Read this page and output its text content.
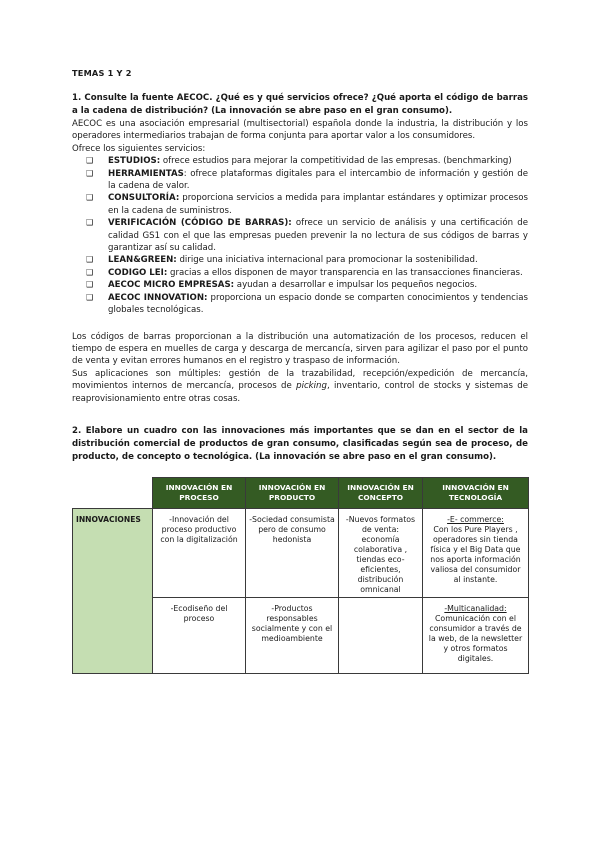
TEMAS 1 Y 2

1. Consulte la fuente AECOC. ¿Qué es y qué servicios ofrece? ¿Qué aporta el código de barras a la cadena de distribución? (La innovación se abre paso en el gran consumo).

AECOC es una asociación empresarial (multisectorial) española donde la industria, la distribución y los operadores intermediarios trabajan de forma conjunta para aportar valor a los consumidores.

Ofrece los siguientes servicios:

❑ ESTUDIOS: ofrece estudios para mejorar la competitividad de las empresas. (benchmarking)
❑ HERRAMIENTAS: ofrece plataformas digitales para el intercambio de información y gestión de la cadena de valor.
❑ CONSULTORÍA: proporciona servicios a medida para implantar estándares y optimizar procesos en la cadena de suministros.
❑ VERIFICACIÓN (CÓDIGO DE BARRAS): ofrece un servicio de análisis y una certificación de calidad GS1 con el que las empresas pueden prevenir la no lectura de sus códigos de barras y garantizar así su calidad.
❑ LEAN&GREEN: dirige una iniciativa internacional para promocionar la sostenibilidad.
❑ CODIGO LEI: gracias a ellos disponen de mayor transparencia en las transacciones financieras.
❑ AECOC MICRO EMPRESAS: ayudan a desarrollar e impulsar los pequeños negocios.
❑ AECOC INNOVATION: proporciona un espacio donde se comparten conocimientos y tendencias globales tecnológicas.

Los códigos de barras proporcionan a la distribución una automatización de los procesos, reducen el tiempo de espera en muelles de carga y descarga de mercancía, sirven para agilizar el paso por el punto de venta y evitan errores humanos en el registro y traspaso de información.

Sus aplicaciones son múltiples: gestión de la trazabilidad, recepción/expedición de mercancía, movimientos internos de mercancía, procesos de picking, inventario, control de stocks y sistemas de reaprovisionamiento entre otras cosas.

2. Elabore un cuadro con las innovaciones más importantes que se dan en el sector de la distribución comercial de productos de gran consumo, clasificadas según sea de proceso, de producto, de concepto o tecnológica. (La innovación se abre paso en el gran consumo).

	INNOVACIÓN EN PROCESO	INNOVACIÓN EN PRODUCTO	INNOVACIÓN EN CONCEPTO	INNOVACIÓN EN TECNOLOGÍA
INNOVACIONES	-Innovación del proceso productivo con la digitalización	-Sociedad consumista pero de consumo hedonista	-Nuevos formatos de venta: economía colaborativa , tiendas eco-eficientes, distribución omnicanal	-E- commerce:
Con los Pure Players , operadores sin tienda física y el Big Data que nos aporta información valiosa del consumidor al instante.

	-Ecodiseño del proceso	-Productos responsables socialmente y con el medioambiente		-Multicanalidad:
Comunicación con el consumidor a través de la web, de la newsletter y otros formatos digitales.
